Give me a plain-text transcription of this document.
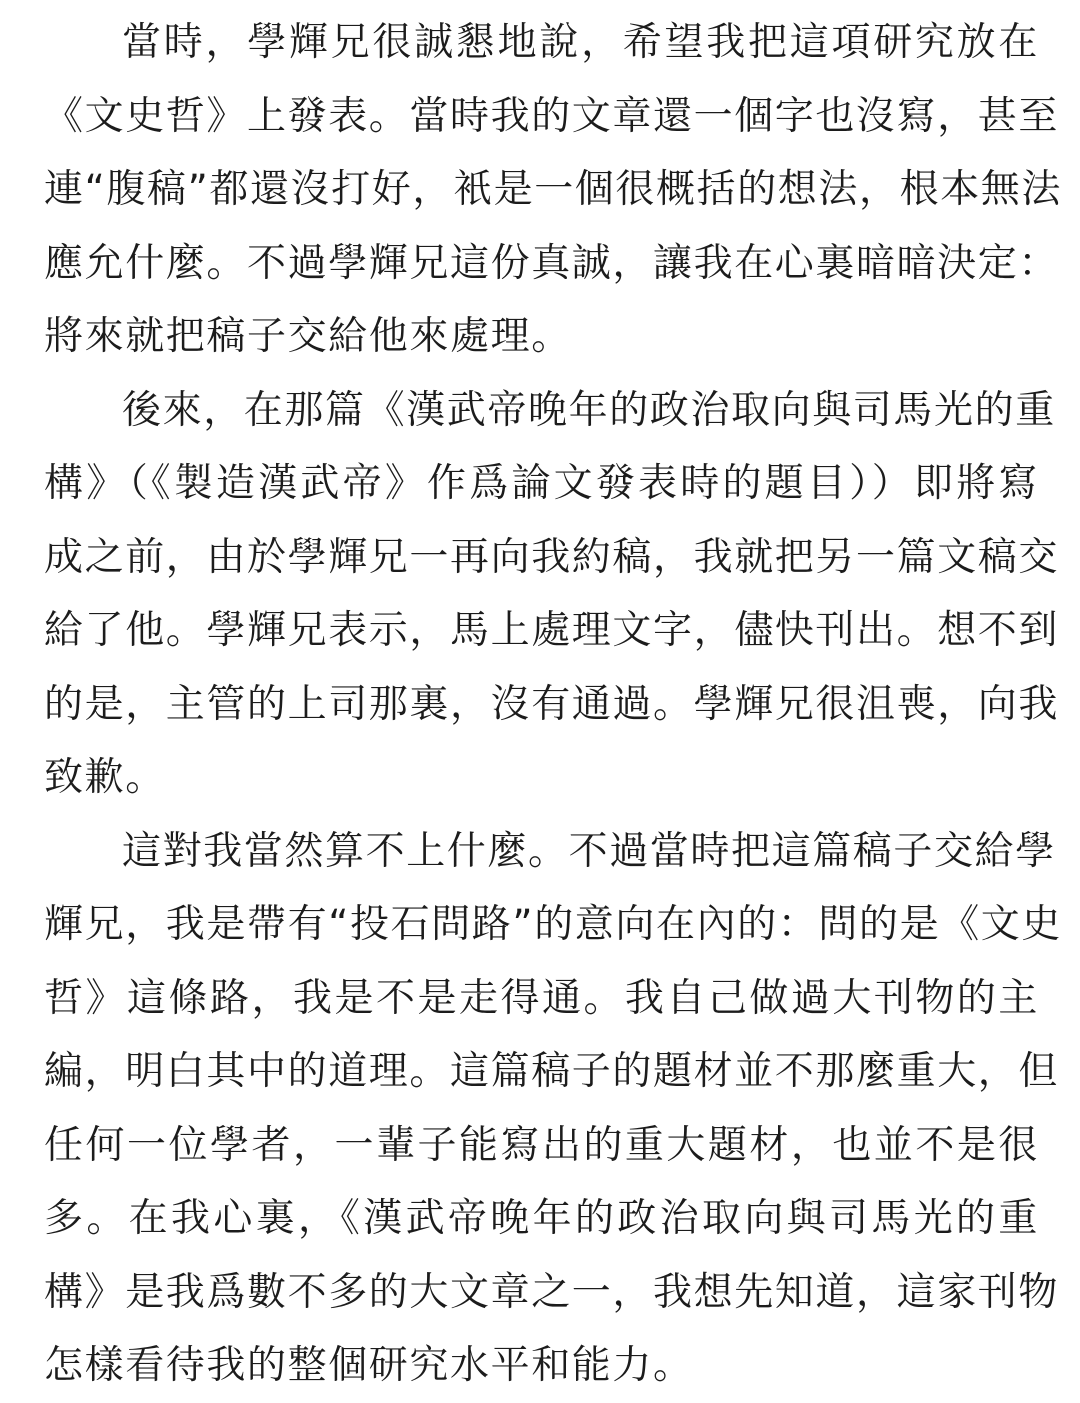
當時，學輝兄很誠懇地說，希望我把這項研究放在
《文史哲》上發表。當時我的文章還一個字也沒寫，甚至
連“腹稿”都還沒打好，衹是一個很概括的想法，根本無法
應允什麼。不過學輝兄這份真誠，讓我在心裏暗暗決定：
將來就把稿子交給他來處理。
後來，在那篇《漢武帝晚年的政治取向與司馬光的重
構》（《製造漢武帝》作爲論文發表時的題目））即將寫
成之前，由於學輝兄一再向我約稿，我就把另一篇文稿交
給了他。學輝兄表示，馬上處理文字，儘快刊出。想不到
的是，主管的上司那裏，沒有通過。學輝兄很沮喪，向我
致歉。
這對我當然算不上什麼。不過當時把這篇稿子交給學
輝兄，我是帶有“投石問路”的意向在內的：問的是《文史
哲》這條路，我是不是走得通。我自己做過大刊物的主
編，明白其中的道理。這篇稿子的題材並不那麼重大，但
任何一位學者，一輩子能寫出的重大題材，也並不是很
多。在我心裏，《漢武帝晚年的政治取向與司馬光的重
構》是我爲數不多的大文章之一，我想先知道，這家刊物
怎樣看待我的整個研究水平和能力。
